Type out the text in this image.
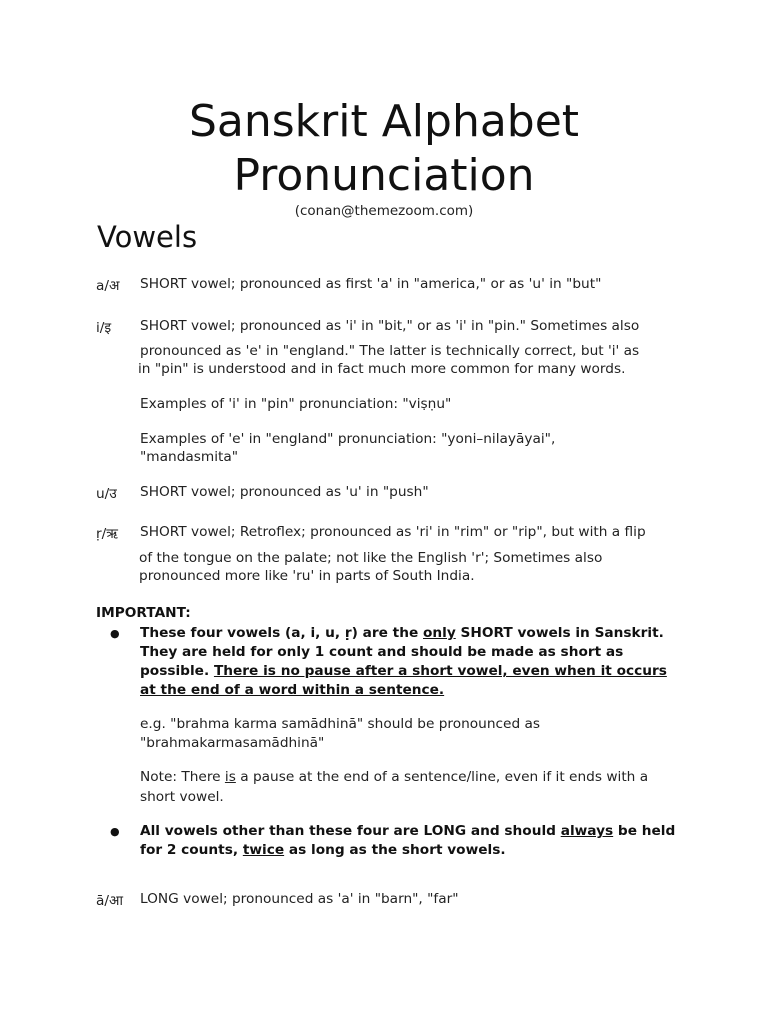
Sanskrit Alphabet
Pronunciation
(conan@themezoom.com)
Vowels
a/अ SHORT vowel; pronounced as first 'a' in "america," or as 'u' in "but"
i/इ SHORT vowel; pronounced as 'i' in "bit," or as 'i' in "pin." Sometimes also
pronounced as 'e' in "england." The latter is technically correct, but 'i' as
in "pin" is understood and in fact much more common for many words.
Examples of 'i' in "pin" pronunciation: "viṣṇu"
Examples of 'e' in "england" pronunciation: "yoni–nilayāyai",
"mandasmita"
u/उ SHORT vowel; pronounced as 'u' in "push"
ṛ/ऋ SHORT vowel; Retroflex; pronounced as 'ri' in "rim" or "rip", but with a flip
of the tongue on the palate; not like the English 'r'; Sometimes also
pronounced more like 'ru' in parts of South India.
IMPORTANT:
● These four vowels (a, i, u, ṛ) are the only SHORT vowels in Sanskrit.
They are held for only 1 count and should be made as short as
possible. There is no pause after a short vowel, even when it occurs
at the end of a word within a sentence.
e.g. "brahma karma samādhinā" should be pronounced as
"brahmakarmasamādhinā"
Note: There is a pause at the end of a sentence/line, even if it ends with a
short vowel.
● All vowels other than these four are LONG and should always be held
for 2 counts, twice as long as the short vowels.
ā/आ LONG vowel; pronounced as 'a' in "barn", "far"
